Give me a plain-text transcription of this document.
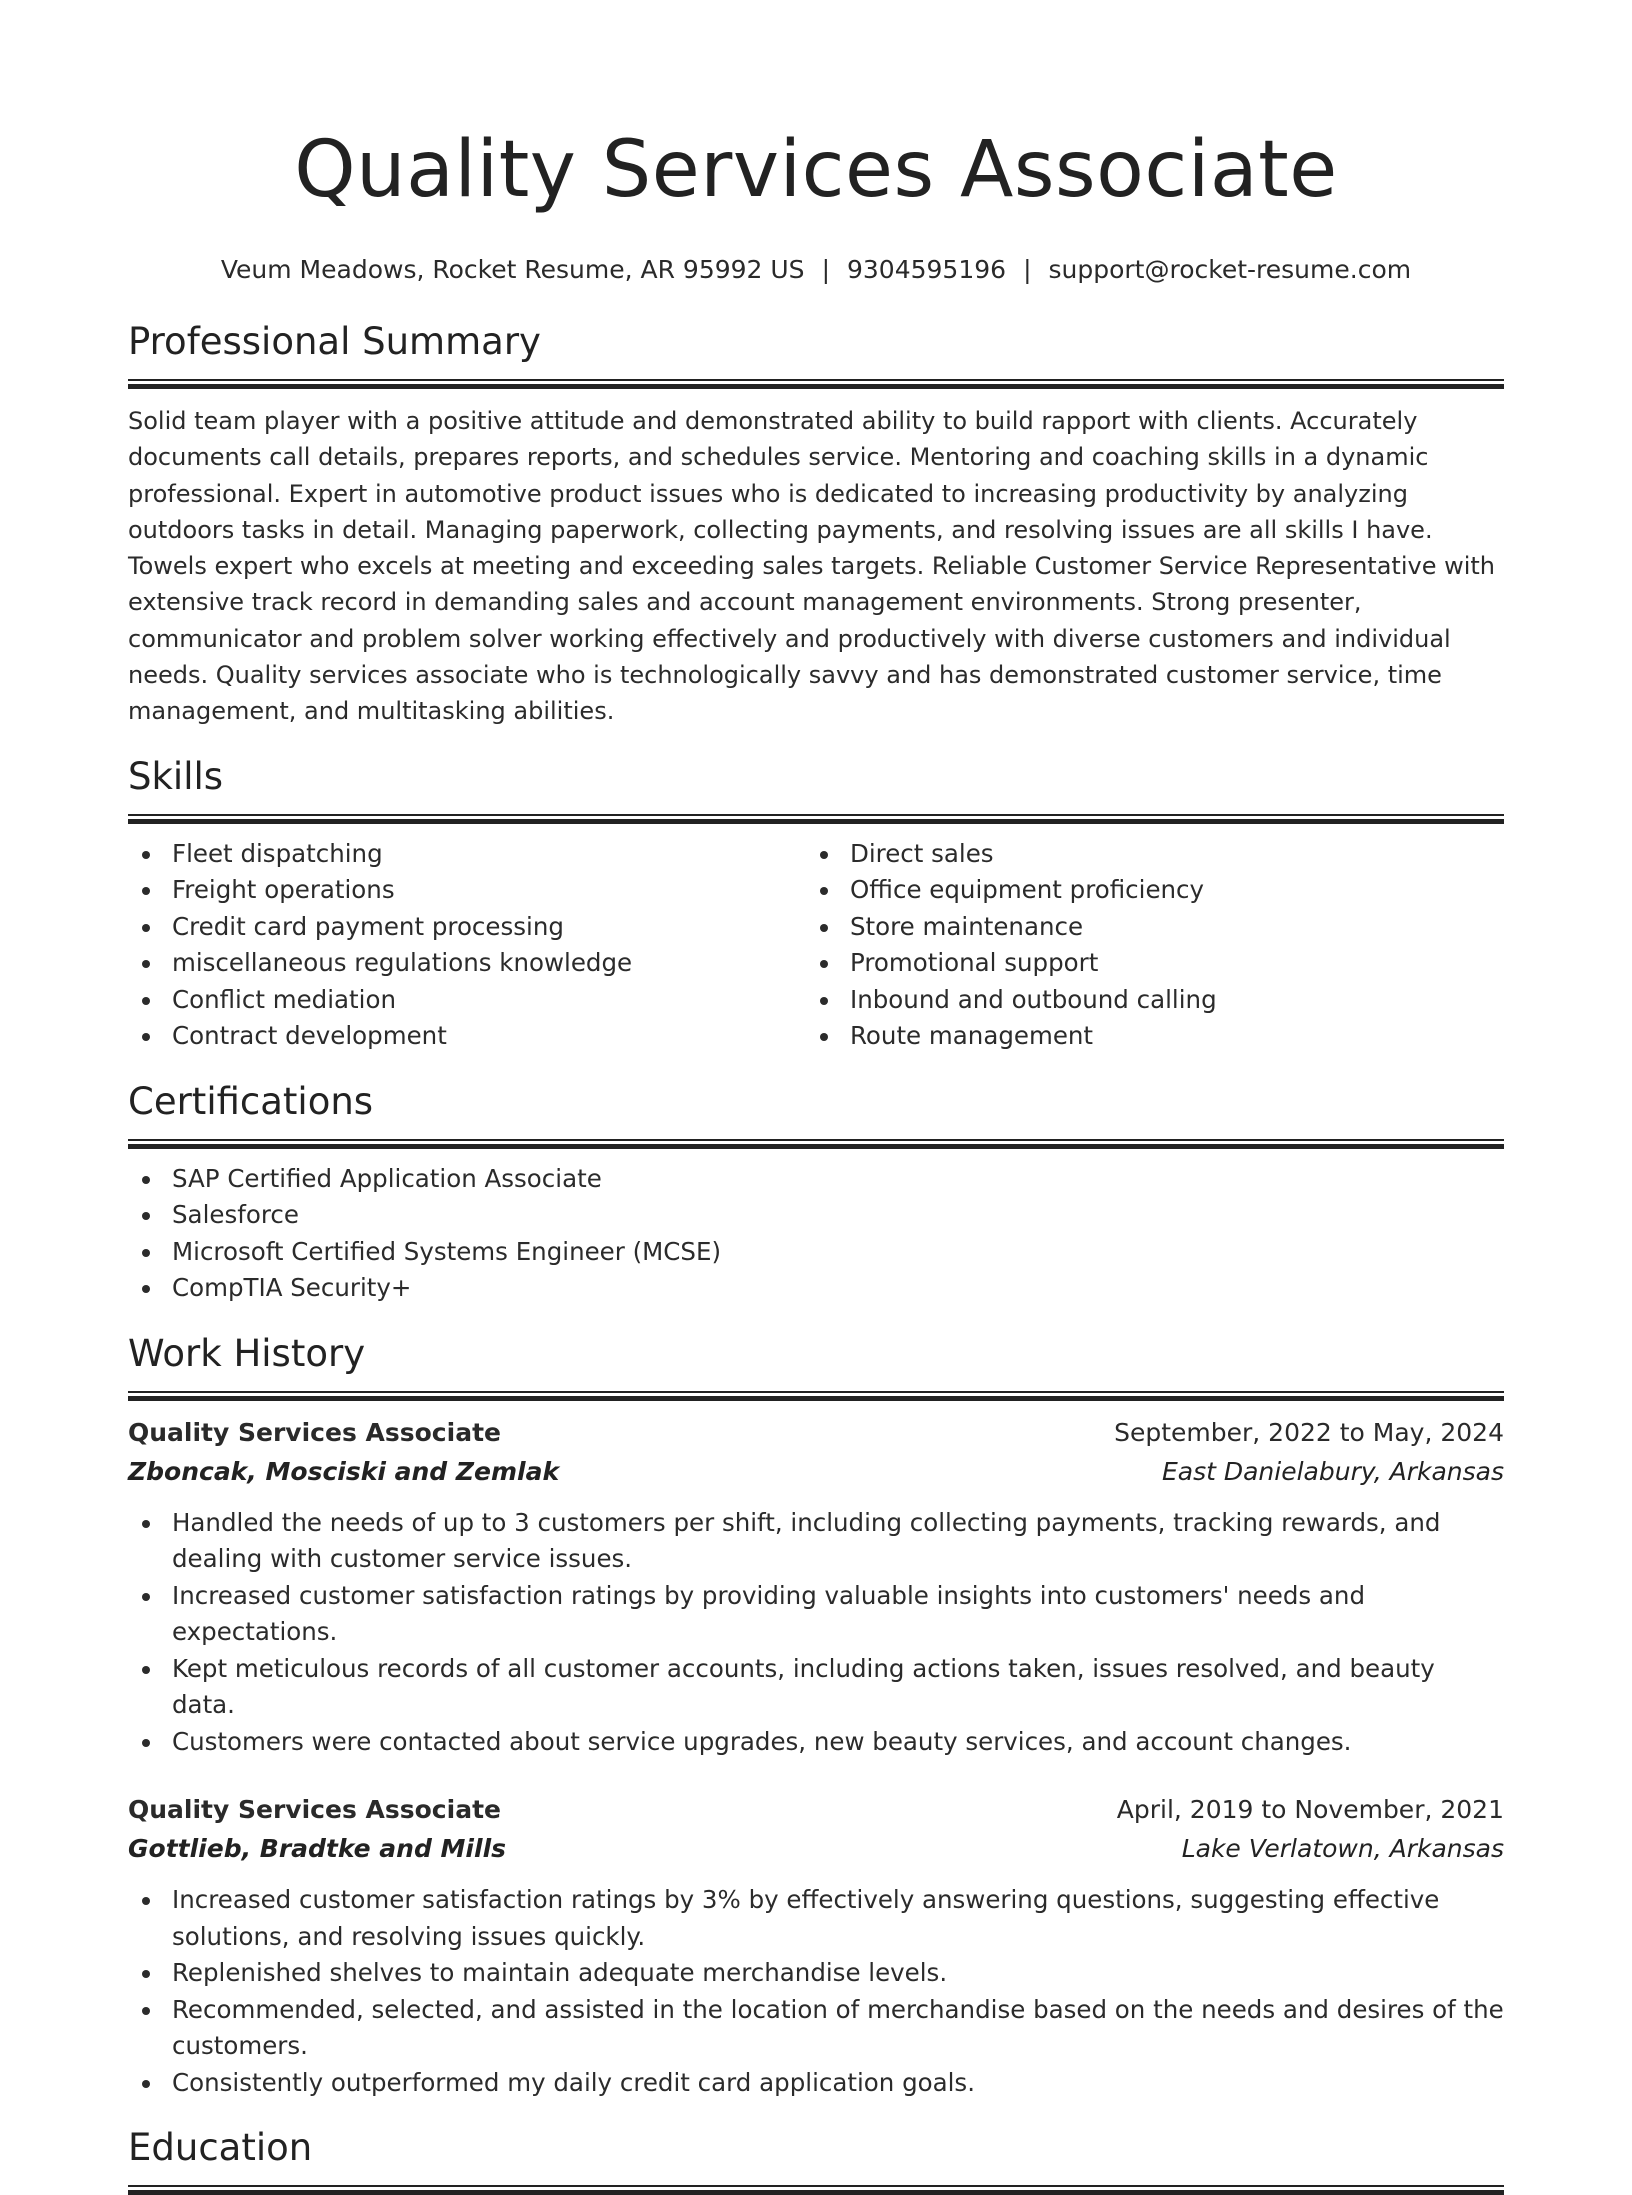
Quality Services Associate
Veum Meadows, Rocket Resume, AR 95992 US | 9304595196 | support@rocket-resume.com
Professional Summary

Solid team player with a positive attitude and demonstrated ability to build rapport with clients. Accurately documents call details, prepares reports, and schedules service. Mentoring and coaching skills in a dynamic professional. Expert in automotive product issues who is dedicated to increasing productivity by analyzing outdoors tasks in detail. Managing paperwork, collecting payments, and resolving issues are all skills I have. Towels expert who excels at meeting and exceeding sales targets. Reliable Customer Service Representative with extensive track record in demanding sales and account management environments. Strong presenter, communicator and problem solver working effectively and productively with diverse customers and individual needs. Quality services associate who is technologically savvy and has demonstrated customer service, time management, and multitasking abilities.

Skills
Fleet dispatching
Freight operations
Credit card payment processing
miscellaneous regulations knowledge
Conflict mediation
Contract development
Direct sales
Office equipment proficiency
Store maintenance
Promotional support
Inbound and outbound calling
Route management
Certifications
SAP Certified Application Associate
Salesforce
Microsoft Certified Systems Engineer (MCSE)
CompTIA Security+
Work History
Quality Services Associate	September, 2022 to May, 2024
Zboncak, Mosciski and Zemlak	East Danielabury, Arkansas
Handled the needs of up to 3 customers per shift, including collecting payments, tracking rewards, and dealing with customer service issues.
Increased customer satisfaction ratings by providing valuable insights into customers' needs and expectations.
Kept meticulous records of all customer accounts, including actions taken, issues resolved, and beauty data.
Customers were contacted about service upgrades, new beauty services, and account changes.
Quality Services Associate	April, 2019 to November, 2021
Gottlieb, Bradtke and Mills	Lake Verlatown, Arkansas
Increased customer satisfaction ratings by 3% by effectively answering questions, suggesting effective solutions, and resolving issues quickly.
Replenished shelves to maintain adequate merchandise levels.
Recommended, selected, and assisted in the location of merchandise based on the needs and desires of the customers.
Consistently outperformed my daily credit card application goals.
Education
